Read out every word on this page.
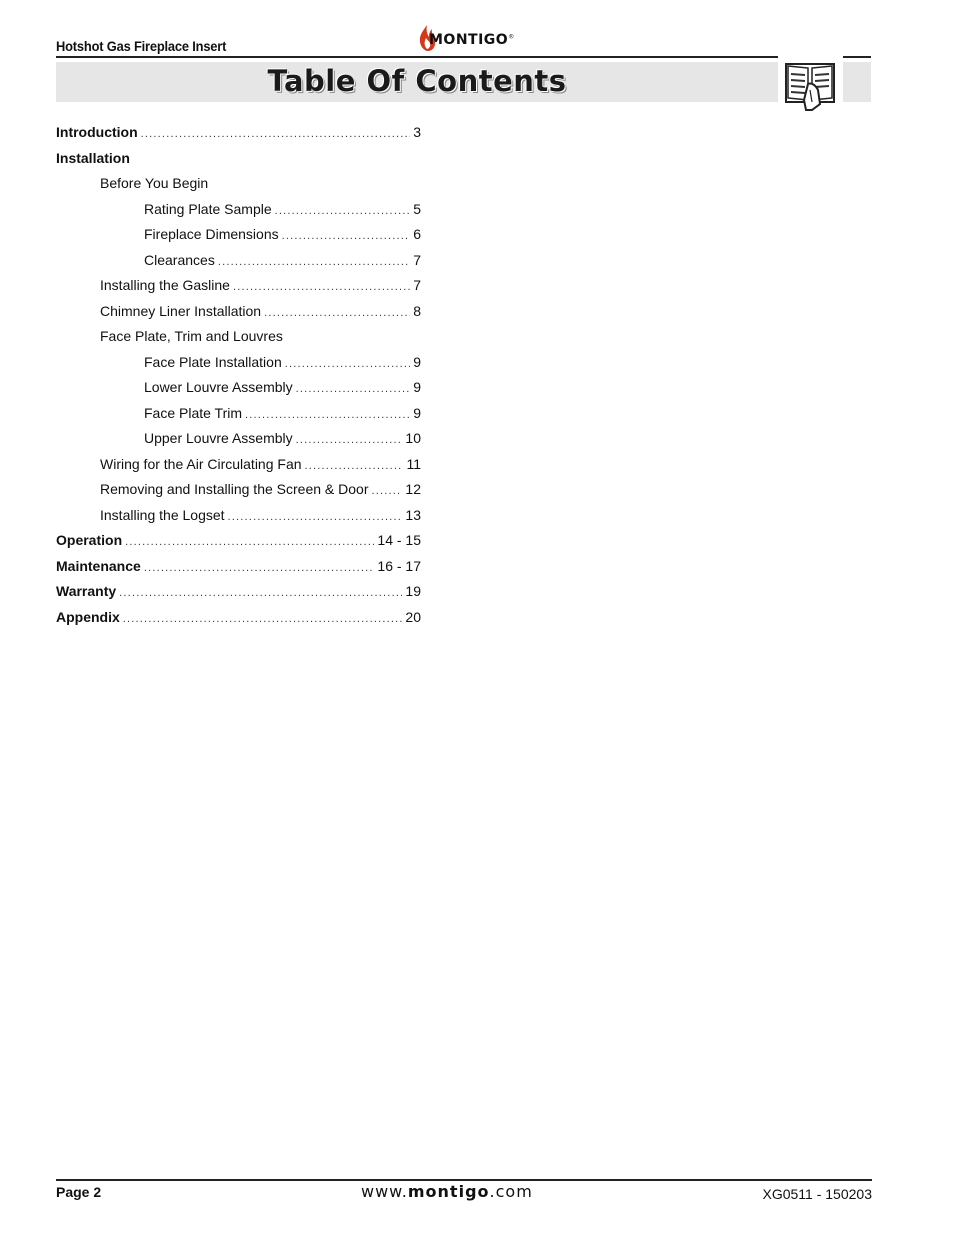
Hotshot Gas Fireplace Insert	MONTIGO®
Table Of Contents
Introduction .....	3
Installation
Before You Begin
Rating Plate Sample .....	5
Fireplace Dimensions .....	6
Clearances .....	7
Installing the Gasline .....	7
Chimney Liner Installation .....	8
Face Plate, Trim and Louvres
Face Plate Installation .....	9
Lower Louvre Assembly .....	9
Face Plate Trim .....	9
Upper Louvre Assembly .....	10
Wiring for the Air Circulating Fan .....	11
Removing and Installing the Screen & Door .....	12
Installing the Logset .....	13
Operation .....	14 - 15
Maintenance .....	16 - 17
Warranty .....	19
Appendix .....	20
Page 2	www.montigo.com	XG0511 - 150203
